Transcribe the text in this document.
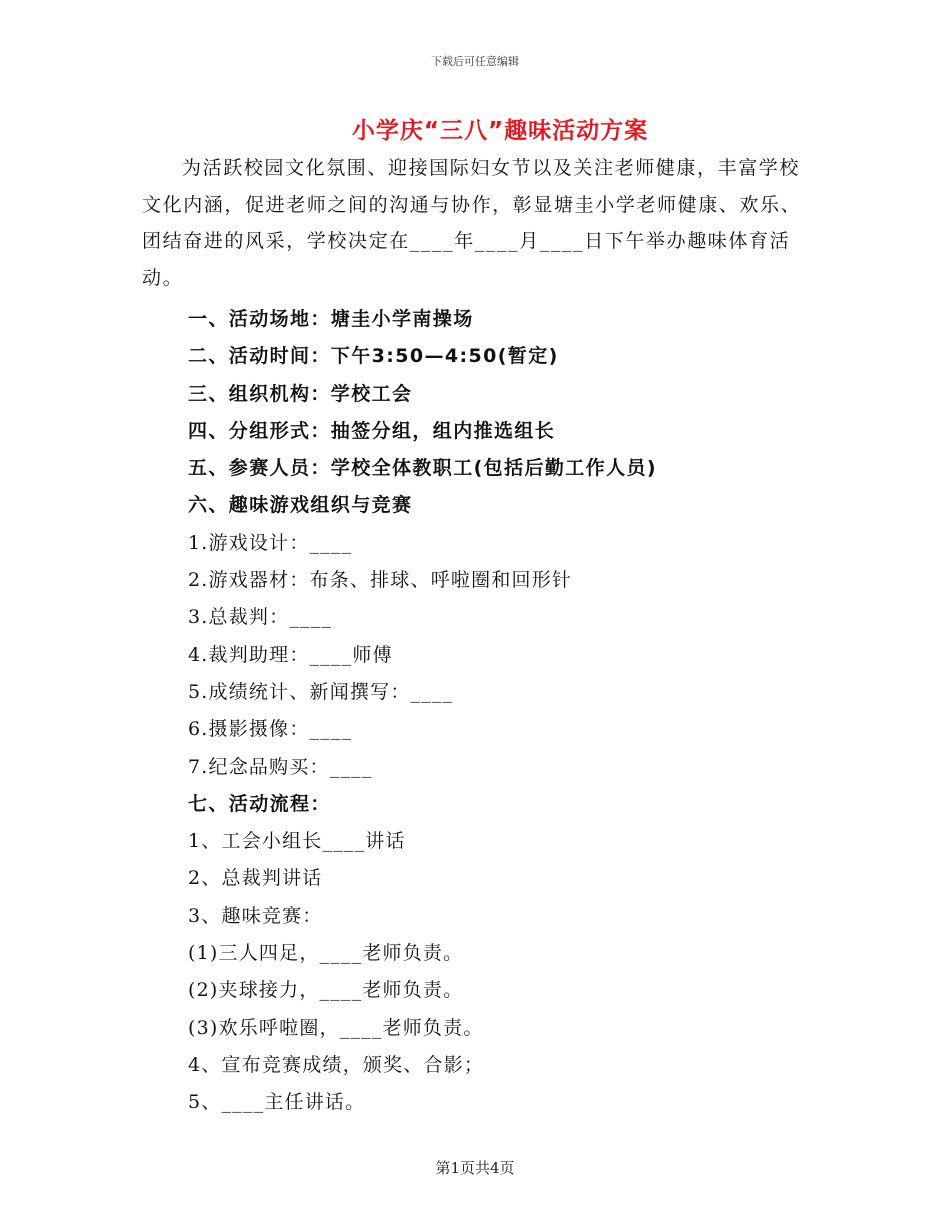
下载后可任意编辑
小学庆“三八”趣味活动方案

为活跃校园文化氛围、迎接国际妇女节以及关注老师健康，丰富学校文化内涵，促进老师之间的沟通与协作，彰显塘圭小学老师健康、欢乐、团结奋进的风采，学校决定在____年____月____日下午举办趣味体育活动。

一、活动场地：塘圭小学南操场
二、活动时间：下午3:50—4:50(暂定)
三、组织机构：学校工会
四、分组形式：抽签分组，组内推选组长
五、参赛人员：学校全体教职工(包括后勤工作人员)
六、趣味游戏组织与竞赛
1.游戏设计：____
2.游戏器材：布条、排球、呼啦圈和回形针
3.总裁判：____
4.裁判助理：____师傅
5.成绩统计、新闻撰写：____
6.摄影摄像：____
7.纪念品购买：____
七、活动流程：
1、工会小组长____讲话
2、总裁判讲话
3、趣味竞赛：
(1)三人四足，____老师负责。
(2)夹球接力，____老师负责。
(3)欢乐呼啦圈，____老师负责。
4、宣布竞赛成绩，颁奖、合影；
5、____主任讲话。
第1页共4页
